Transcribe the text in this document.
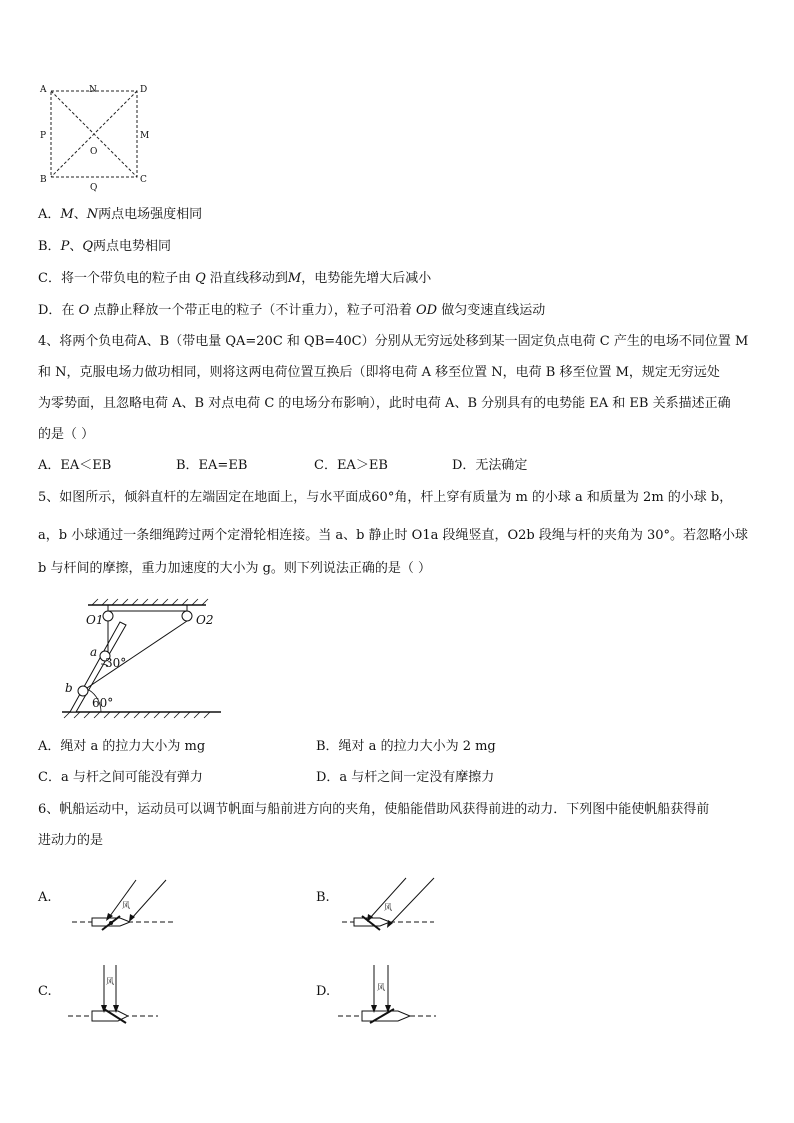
A	N	D
P	M
O
B
Q
C
A．M、N两点电场强度相同
B．P、Q两点电势相同
C．将一个带负电的粒子由 Q 沿直线移动到M，电势能先增大后减小
D．在 O 点静止释放一个带正电的粒子（不计重力），粒子可沿着 OD 做匀变速直线运动
4、将两个负电荷A、B（带电量 QA=20C 和 QB=40C）分别从无穷远处移到某一固定负点电荷 C 产生的电场不同位置 M
和 N，克服电场力做功相同，则将这两电荷位置互换后（即将电荷 A 移至位置 N，电荷 B 移至位置 M，规定无穷远处
为零势面，且忽略电荷 A、B 对点电荷 C 的电场分布影响），此时电荷 A、B 分别具有的电势能 EA 和 EB 关系描述正确
的是（ ）
A．EA＜EB	B．EA=EB	C．EA＞EB	D．无法确定
5、如图所示，倾斜直杆的左端固定在地面上，与水平面成60°角，杆上穿有质量为 m 的小球 a 和质量为 2m 的小球 b，
a，b 小球通过一条细绳跨过两个定滑轮相连接。当 a、b 静止时 O1a 段绳竖直，O2b 段绳与杆的夹角为 30°。若忽略小球
b 与杆间的摩擦，重力加速度的大小为 g。则下列说法正确的是（ ）
O1	O2
a
b
30°
60°
A．绳对 a 的拉力大小为 mg	B．绳对 a 的拉力大小为 2 mg
C．a 与杆之间可能没有弹力	D．a 与杆之间一定没有摩擦力
6、帆船运动中，运动员可以调节帆面与船前进方向的夹角，使船能借助风获得前进的动力．下列图中能使帆船获得前
进动力的是
A.
风
B.
风
C.
风
D.	风
